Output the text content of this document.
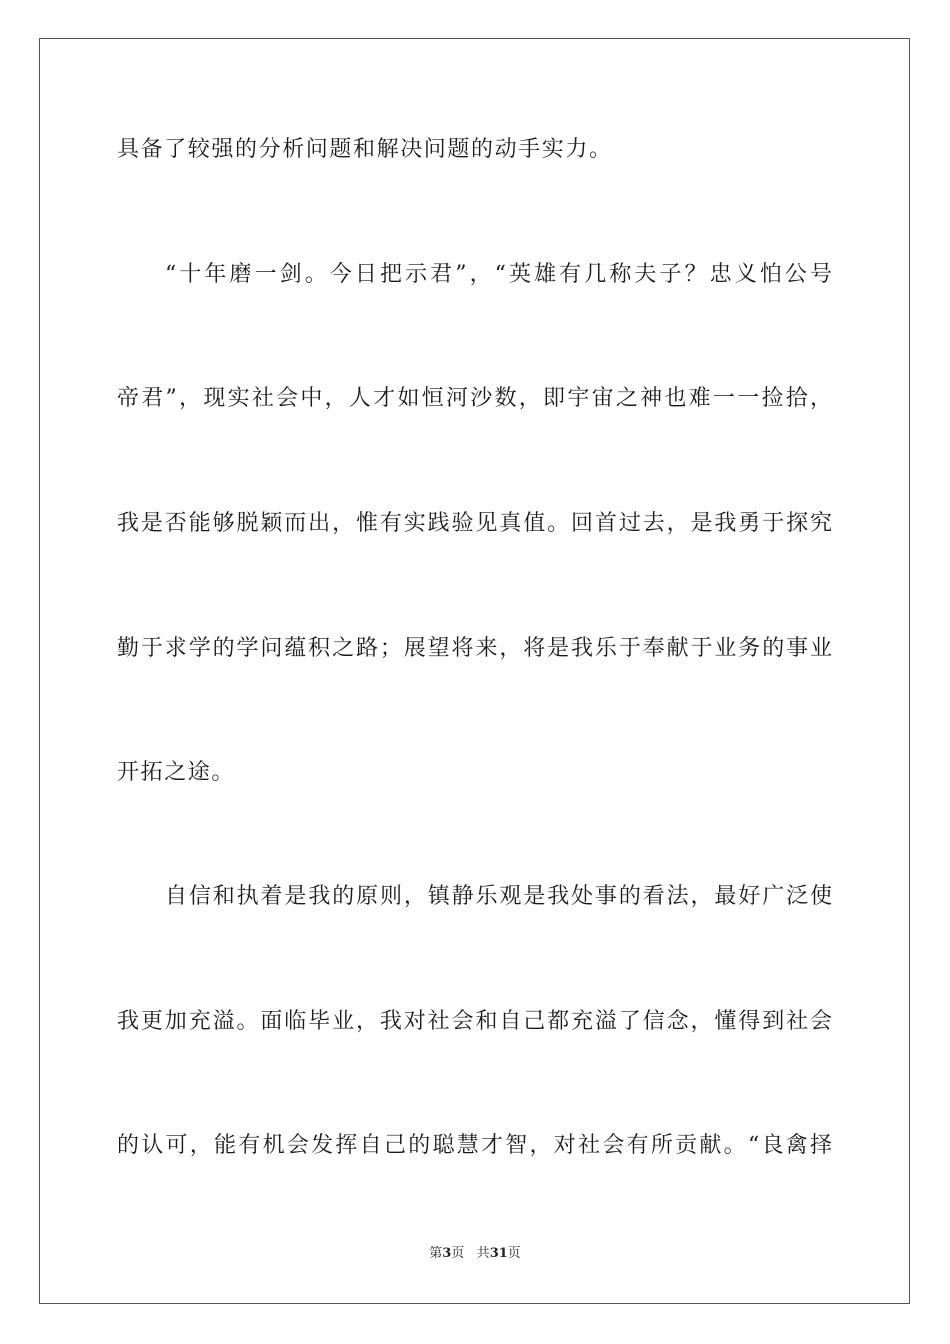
具备了较强的分析问题和解决问题的动手实力。

“十年磨一剑。今日把示君”，“英雄有几称夫子？忠义怕公号

帝君”，现实社会中，人才如恒河沙数，即宇宙之神也难一一捡拾，

我是否能够脱颖而出，惟有实践验见真值。回首过去，是我勇于探究

勤于求学的学问蕴积之路；展望将来，将是我乐于奉献于业务的事业

开拓之途。

自信和执着是我的原则，镇静乐观是我处事的看法，最好广泛使

我更加充溢。面临毕业，我对社会和自己都充溢了信念，懂得到社会

的认可，能有机会发挥自己的聪慧才智，对社会有所贡献。“良禽择

第3页 共31页
